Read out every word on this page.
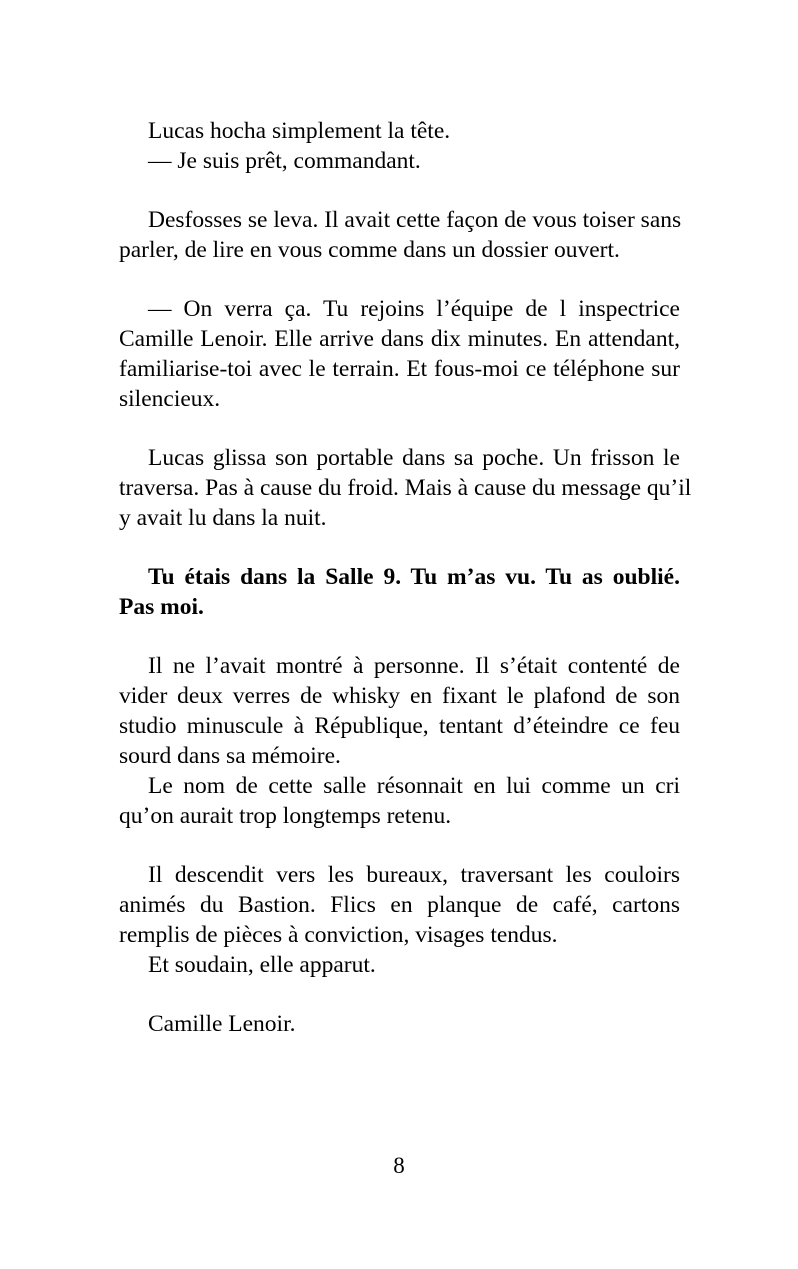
Lucas hocha simplement la tête.
— Je suis prêt, commandant.
Desfosses se leva. Il avait cette façon de vous toiser sans
parler, de lire en vous comme dans un dossier ouvert.
— On verra ça. Tu rejoins l’équipe de l inspectrice
Camille Lenoir. Elle arrive dans dix minutes. En attendant,
familiarise-toi avec le terrain. Et fous-moi ce téléphone sur
silencieux.
Lucas glissa son portable dans sa poche. Un frisson le
traversa. Pas à cause du froid. Mais à cause du message qu’il
y avait lu dans la nuit.
Tu étais dans la Salle 9. Tu m’as vu. Tu as oublié.
Pas moi.
Il ne l’avait montré à personne. Il s’était contenté de
vider deux verres de whisky en fixant le plafond de son
studio minuscule à République, tentant d’éteindre ce feu
sourd dans sa mémoire.
Le nom de cette salle résonnait en lui comme un cri
qu’on aurait trop longtemps retenu.
Il descendit vers les bureaux, traversant les couloirs
animés du Bastion. Flics en planque de café, cartons
remplis de pièces à conviction, visages tendus.
Et soudain, elle apparut.
Camille Lenoir.
8
